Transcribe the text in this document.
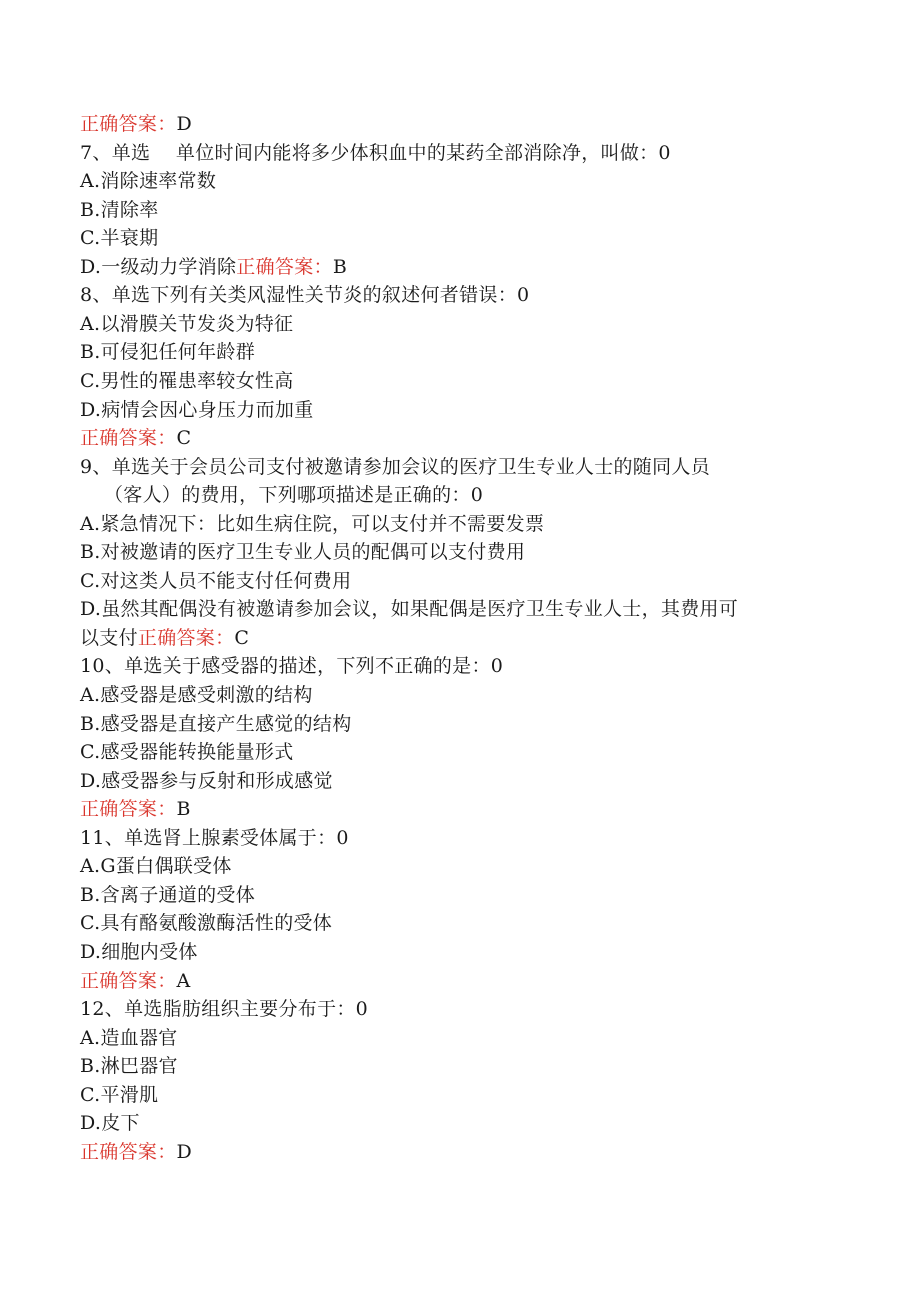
正确答案：D
7、单选　 单位时间内能将多少体积血中的某药全部消除净，叫做：0
A.消除速率常数
B.清除率
C.半衰期
D.一级动力学消除正确答案：B
8、单选下列有关类风湿性关节炎的叙述何者错误：0
A.以滑膜关节发炎为特征
B.可侵犯任何年龄群
C.男性的罹患率较女性高
D.病情会因心身压力而加重
正确答案：C
9、单选关于会员公司支付被邀请参加会议的医疗卫生专业人士的随同人员
（客人）的费用，下列哪项描述是正确的：0
A.紧急情况下：比如生病住院，可以支付并不需要发票
B.对被邀请的医疗卫生专业人员的配偶可以支付费用
C.对这类人员不能支付任何费用
D.虽然其配偶没有被邀请参加会议，如果配偶是医疗卫生专业人士，其费用可
以支付正确答案：C
10、单选关于感受器的描述，下列不正确的是：0
A.感受器是感受刺激的结构
B.感受器是直接产生感觉的结构
C.感受器能转换能量形式
D.感受器参与反射和形成感觉
正确答案：B
11、单选肾上腺素受体属于：0
A.G蛋白偶联受体
B.含离子通道的受体
C.具有酪氨酸激酶活性的受体
D.细胞内受体
正确答案：A
12、单选脂肪组织主要分布于：0
A.造血器官
B.淋巴器官
C.平滑肌
D.皮下
正确答案：D
